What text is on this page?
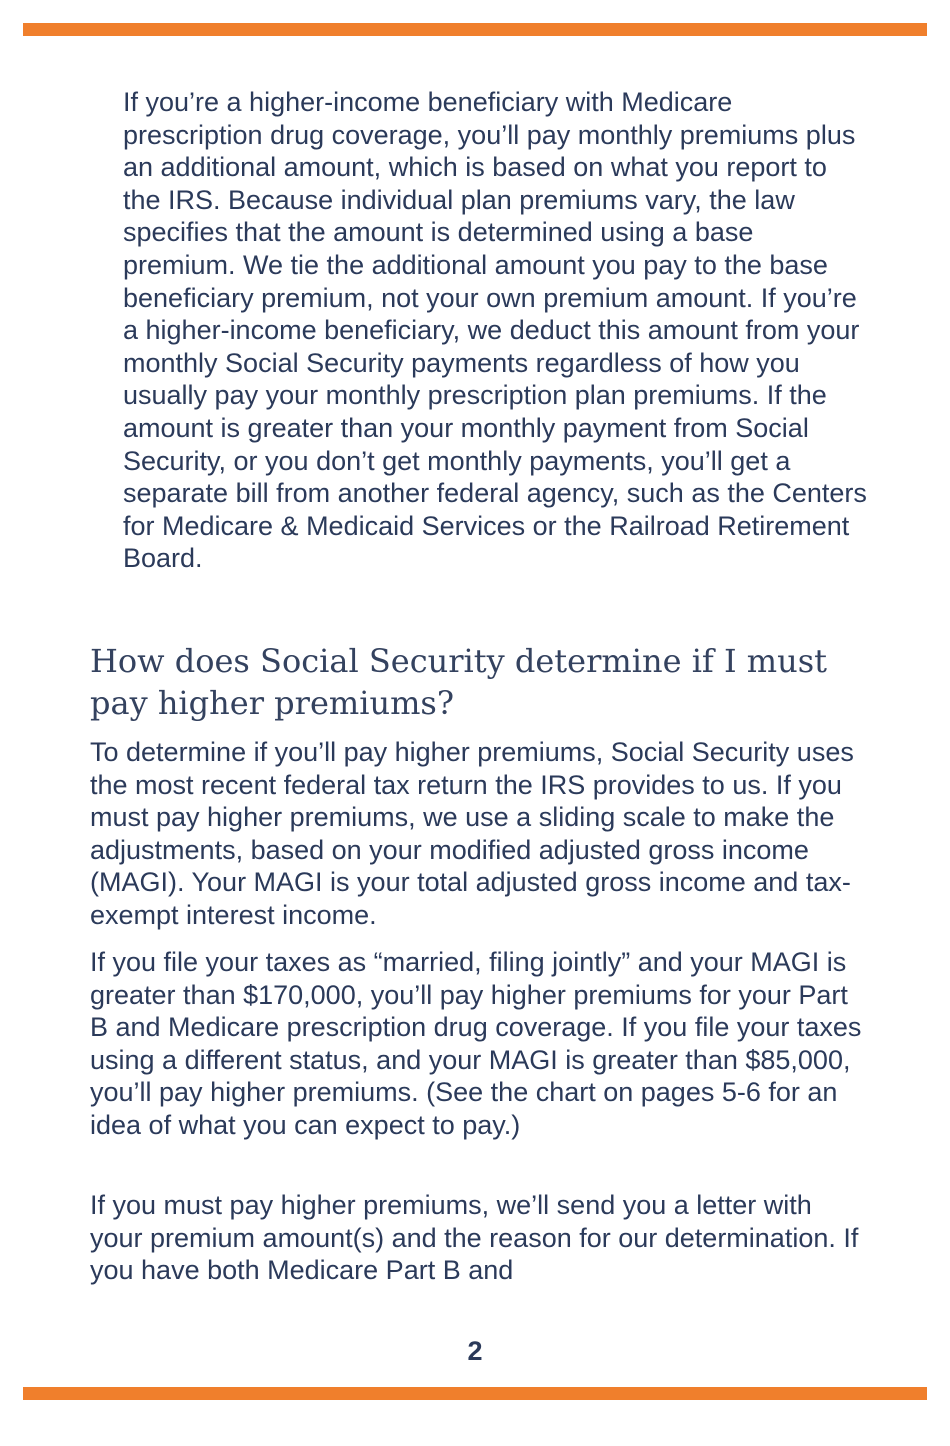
If you’re a higher-income beneficiary with Medicare prescription drug coverage, you’ll pay monthly premiums plus an additional amount, which is based on what you report to the IRS. Because individual plan premiums vary, the law specifies that the amount is determined using a base premium. We tie the additional amount you pay to the base beneficiary premium, not your own premium amount. If you’re a higher-income beneficiary, we deduct this amount from your monthly Social Security payments regardless of how you usually pay your monthly prescription plan premiums. If the amount is greater than your monthly payment from Social Security, or you don’t get monthly payments, you’ll get a separate bill from another federal agency, such as the Centers for Medicare & Medicaid Services or the Railroad Retirement Board.

How does Social Security determine if I must pay higher premiums?

To determine if you’ll pay higher premiums, Social Security uses the most recent federal tax return the IRS provides to us. If you must pay higher premiums, we use a sliding scale to make the adjustments, based on your modified adjusted gross income (MAGI). Your MAGI is your total adjusted gross income and tax-exempt interest income.

If you file your taxes as “married, filing jointly” and your MAGI is greater than $170,000, you’ll pay higher premiums for your Part B and Medicare prescription drug coverage. If you file your taxes using a different status, and your MAGI is greater than $85,000, you’ll pay higher premiums. (See the chart on pages 5-6 for an idea of what you can expect to pay.)

If you must pay higher premiums, we’ll send you a letter with your premium amount(s) and the reason for our determination. If you have both Medicare Part B and

2
